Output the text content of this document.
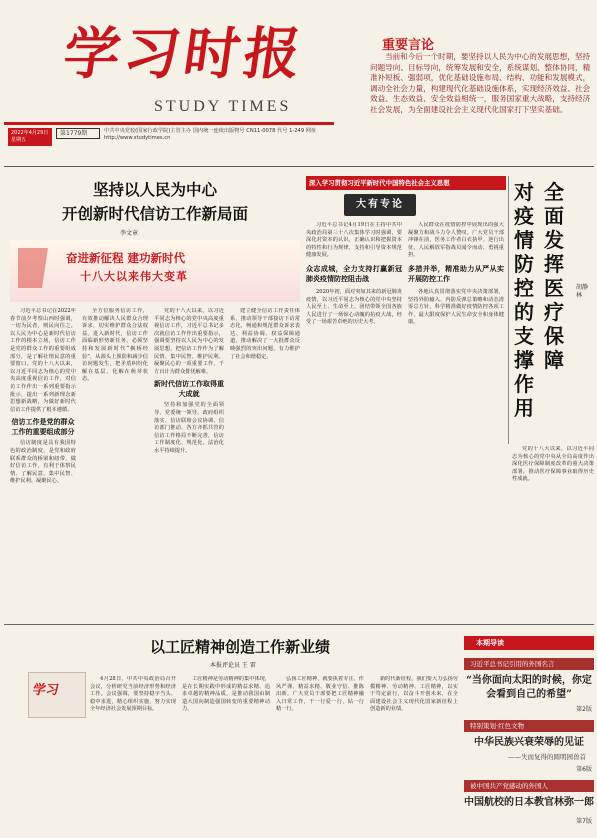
学习时报
STUDY TIMES
2022年4月29日 星期五
第1779期	中共中央党校(国家行政学院)主管主办 国内统一连续出版物号 CN11-0078 代号 1-249 网址 http://www.studytimes.cn
重要言论
当前和今后一个时期，要坚持以人民为中心的发展思想，坚持问题导向、目标导向，统筹发展和安全，系统谋划、整体协同，精准补短板、强弱项，优化基础设施布局、结构、功能和发展模式，调动全社会力量，构建现代化基础设施体系，实现经济效益、社会效益、生态效益、安全效益相统一，服务国家重大战略，支持经济社会发展，为全面建设社会主义现代化国家打下坚实基础。
坚持以人民为中心
开创新时代信访工作新局面
李文章
奋进新征程 建功新时代
十八大以来伟大变革

习近平总书记在2022年春节前夕考察山西时强调，一切为民者，则民向往之。以人民为中心是新时代信访工作的根本立场，信访工作是党的群众工作的重要组成部分，是了解社情民意的重要窗口。党的十八大以来，以习近平同志为核心的党中央高度重视信访工作，对信访工作作出一系列重要指示批示，提出一系列新理念新思想新战略，为做好新时代信访工作提供了根本遵循。

信访工作是党的群众工作的重要组成部分

信访制度是具有我国特色的政治制度，是党和政府联系群众的桥梁和纽带。做好信访工作，有利于体察民情、了解民意、集中民智、维护民利、凝聚民心。

全方位服务信访工作，有效推动解决人民群众合理诉求，切实维护群众合法权益。进入新时代，信访工作面临新形势新任务，必须坚持和发展新时代“枫桥经验”，从源头上预防和减少信访问题发生，把矛盾纠纷化解在基层、化解在萌芽状态。

党的十八大以来，以习近平同志为核心的党中央高度重视信访工作，习近平总书记多次就信访工作作出重要指示，强调要坚持以人民为中心的发展思想，把信访工作作为了解民情、集中民智、维护民利、凝聚民心的一项重要工作，千方百计为群众排忧解难。

新时代信访工作取得重大成就

坚持和加强党的全面领导，党委统一领导、政府组织落实、信访联席会议协调、信访部门推动、各方齐抓共管的信访工作格局不断完善，信访工作制度化、规范化、法治化水平持续提升。

建立健全信访工作责任体系，推动领导干部接访下访常态化，畅通和规范群众诉求表达、利益协调、权益保障通道，推动解决了一大批群众反映强烈的突出问题，有力维护了社会和谐稳定。

深入学习贯彻习近平新时代中国特色社会主义思想
大有专论

习近平总书记4月19日在主持中共中央政治局第三十八次集体学习时强调，要深化对资本的认识，正确认识和把握资本的特性和行为规律，支持和引导资本规范健康发展。

众志成城，全力支持打赢新冠肺炎疫情防控阻击战

2020年初，面对突如其来的新冠肺炎疫情，以习近平同志为核心的党中央坚持人民至上、生命至上，团结带领全国各族人民进行了一场惊心动魄的抗疫大战，经受了一场艰苦卓绝的历史大考。

人民群众在疫情防控中展现出的强大凝聚力和战斗力令人赞叹。广大党员干部冲锋在前，医务工作者白衣执甲、逆行出征，人民解放军指战员闻令而动、勇挑重担。

多措并举，精准助力从严从实开展防控工作

各地认真贯彻落实党中央决策部署，坚持外防输入、内防反弹总策略和动态清零总方针，科学精准做好疫情防控各项工作，最大限度保护人民生命安全和身体健康。

对疫情防控的支撑作用
全面发挥医疗保障
胡静林

党的十八大以来，以习近平同志为核心的党中央从全局高度作出深化医疗保障制度改革的重大决策部署，推动医疗保障事业取得历史性成就。

以工匠精神创造工作新业绩
本报评论员 王 雷
学习

4月28日，中共中央政治局召开会议，分析研究当前经济形势和经济工作。会议强调，要坚持稳字当头、稳中求进，精心组织实施，努力实现全年经济社会发展预期目标。

工匠精神是劳动精神的集中体现，是在长期实践中形成的精益求精、追求卓越的精神品质，是推动我国由制造大国向制造强国转变的重要精神动力。

弘扬工匠精神，就要执着专注、作风严谨、精益求精、敬业守信、推陈出新。广大党员干部要把工匠精神融入日常工作，干一行爱一行、钻一行精一行。

新时代新征程，我们要大力弘扬劳模精神、劳动精神、工匠精神，以实干笃定前行，以奋斗开创未来，在全面建设社会主义现代化国家新征程上创造新的业绩。

本期导读
习近平总书记引用的外国名言
“当你面向太阳的时候，你定会看到自己的希望”
第2版
特别策划·红色文物
中华民族兴衰荣辱的见证
——失而复得的圆明园兽首
第6版
被中国共产党感动的外国人
中国航校的日本教官林弥一郎
第7版
